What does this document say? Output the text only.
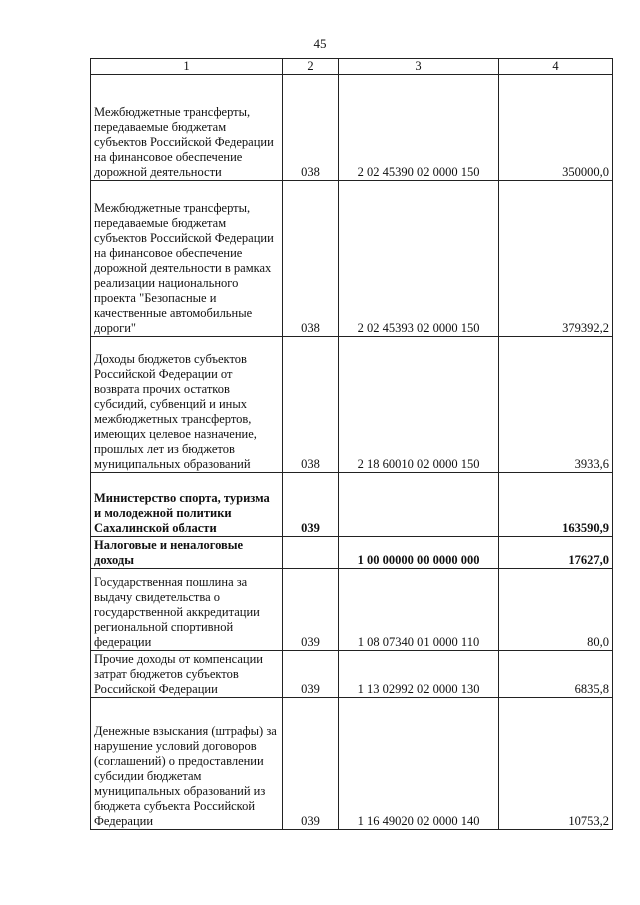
45
1	2	3	4
Межбюджетные трансферты, передаваемые бюджетам субъектов Российской Федерации на финансовое обеспечение дорожной деятельности	038	2 02 45390 02 0000 150	350000,0
Межбюджетные трансферты, передаваемые бюджетам субъектов Российской Федерации на финансовое обеспечение дорожной деятельности в рамках реализации национального проекта "Безопасные и качественные автомобильные дороги"	038	2 02 45393 02 0000 150	379392,2
Доходы бюджетов субъектов Российской Федерации от возврата прочих остатков субсидий, субвенций и иных межбюджетных трансфертов, имеющих целевое назначение, прошлых лет из бюджетов муниципальных образований	038	2 18 60010 02 0000 150	3933,6
Министерство спорта, туризма и молодежной политики Сахалинской области	039		163590,9
Налоговые и неналоговые доходы		1 00 00000 00 0000 000	17627,0
Государственная пошлина за выдачу свидетельства о государственной аккредитации региональной спортивной федерации	039	1 08 07340 01 0000 110	80,0
Прочие доходы от компенсации затрат бюджетов субъектов Российской Федерации	039	1 13 02992 02 0000 130	6835,8
Денежные взыскания (штрафы) за нарушение условий договоров (соглашений) о предоставлении субсидии бюджетам муниципальных образований из бюджета субъекта Российской Федерации	039	1 16 49020 02 0000 140	10753,2
